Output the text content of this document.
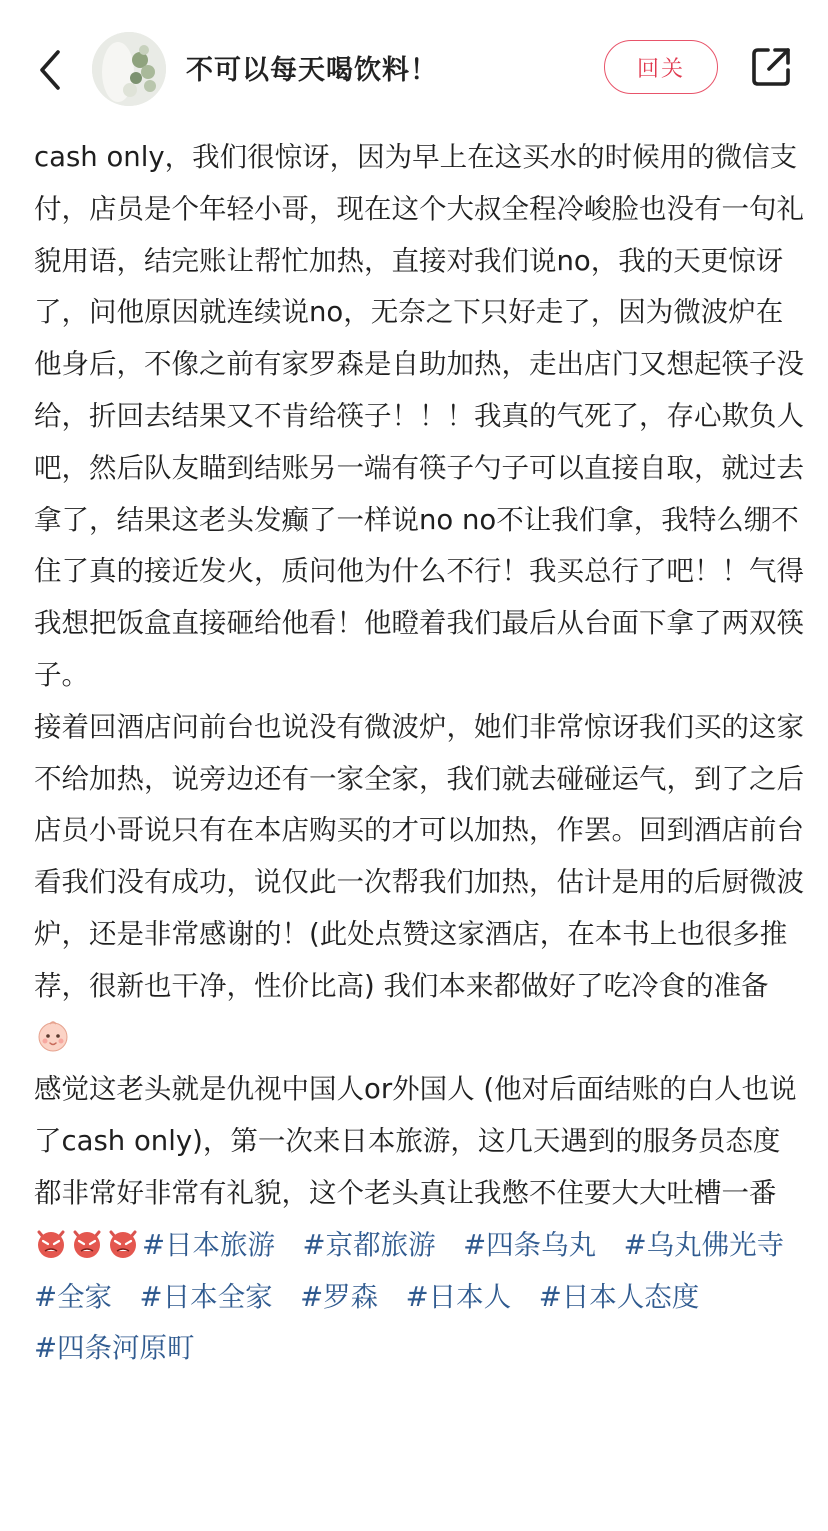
不可以每天喝饮料！	回关

cash only，我们很惊讶，因为早上在这买水的时候用的微信支付，店员是个年轻小哥，现在这个大叔全程冷峻脸也没有一句礼貌用语，结完账让帮忙加热，直接对我们说no，我的天更惊讶了，问他原因就连续说no，无奈之下只好走了，因为微波炉在他身后，不像之前有家罗森是自助加热，走出店门又想起筷子没给，折回去结果又不肯给筷子！！！我真的气死了，存心欺负人吧，然后队友瞄到结账另一端有筷子勺子可以直接自取，就过去拿了，结果这老头发癫了一样说no no不让我们拿，我特么绷不住了真的接近发火，质问他为什么不行！我买总行了吧！！气得我想把饭盒直接砸给他看！他瞪着我们最后从台面下拿了两双筷子。

接着回酒店问前台也说没有微波炉，她们非常惊讶我们买的这家不给加热，说旁边还有一家全家，我们就去碰碰运气，到了之后店员小哥说只有在本店购买的才可以加热，作罢。回到酒店前台看我们没有成功，说仅此一次帮我们加热，估计是用的后厨微波炉，还是非常感谢的！(此处点赞这家酒店，在本书上也很多推荐，很新也干净，性价比高) 我们本来都做好了吃冷食的准备

感觉这老头就是仇视中国人or外国人 (他对后面结账的白人也说了cash only)，第一次来日本旅游，这几天遇到的服务员态度都非常好非常有礼貌，这个老头真让我憋不住要大大吐槽一番#日本旅游　 #京都旅游　 #四条乌丸　 #乌丸佛光寺　#全家　 #日本全家　 #罗森　 #日本人　 #日本人态度　#四条河原町
